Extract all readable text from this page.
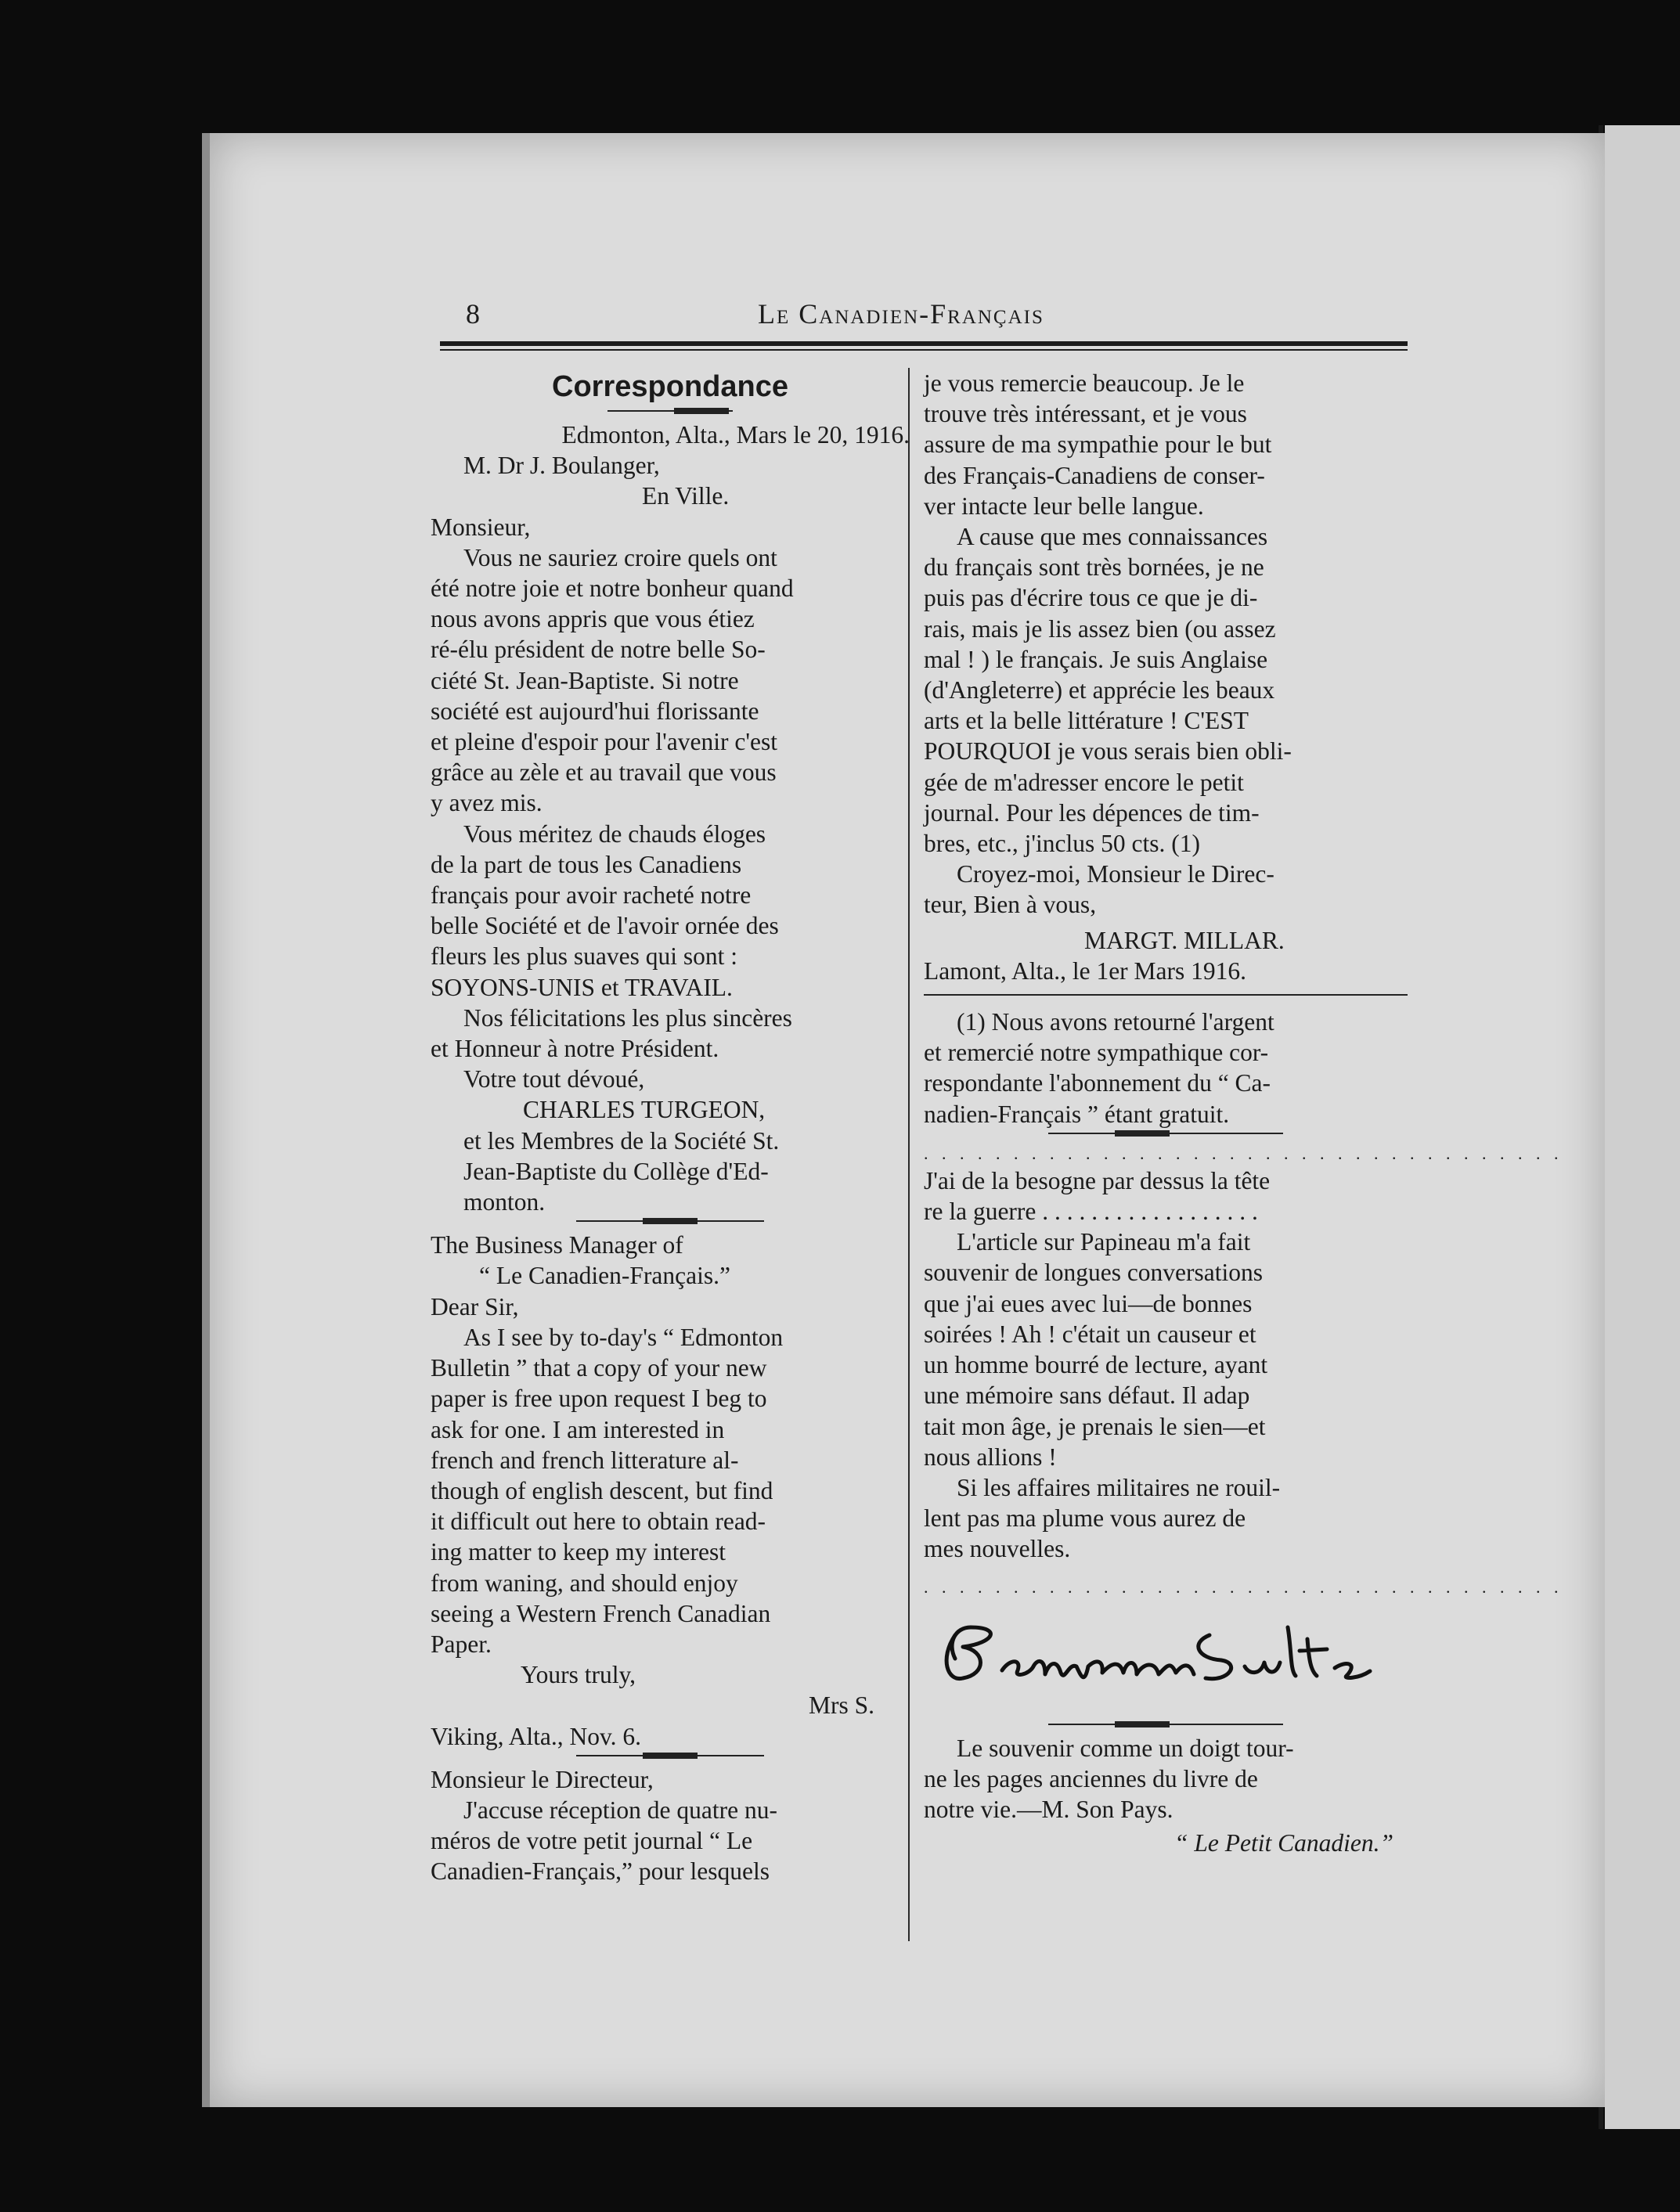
8	Le Canadien-Français
Correspondance
Edmonton, Alta., Mars le 20, 1916.
M. Dr J. Boulanger,
En Ville.
Monsieur,
Vous ne sauriez croire quels ont
été notre joie et notre bonheur quand
nous avons appris que vous étiez
ré-élu président de notre belle So-
ciété St. Jean-Baptiste. Si notre
société est aujourd'hui florissante
et pleine d'espoir pour l'avenir c'est
grâce au zèle et au travail que vous
y avez mis.
Vous méritez de chauds éloges
de la part de tous les Canadiens
français pour avoir racheté notre
belle Société et de l'avoir ornée des
fleurs les plus suaves qui sont :
SOYONS-UNIS et TRAVAIL.
Nos félicitations les plus sincères
et Honneur à notre Président.
Votre tout dévoué,
CHARLES TURGEON,
et les Membres de la Société St.
Jean-Baptiste du Collège d'Ed-
monton.
The Business Manager of
“ Le Canadien-Français.”
Dear Sir,
As I see by to-day's “ Edmonton
Bulletin ” that a copy of your new
paper is free upon request I beg to
ask for one. I am interested in
french and french litterature al-
though of english descent, but find
it difficult out here to obtain read-
ing matter to keep my interest
from waning, and should enjoy
seeing a Western French Canadian
Paper.
Yours truly,
Mrs S.
Viking, Alta., Nov. 6.
Monsieur le Directeur,
J'accuse réception de quatre nu-
méros de votre petit journal “ Le
Canadien-Français,” pour lesquels
je vous remercie beaucoup. Je le
trouve très intéressant, et je vous
assure de ma sympathie pour le but
des Français-Canadiens de conser-
ver intacte leur belle langue.
A cause que mes connaissances
du français sont très bornées, je ne
puis pas d'écrire tous ce que je di-
rais, mais je lis assez bien (ou assez
mal ! ) le français. Je suis Anglaise
(d'Angleterre) et apprécie les beaux
arts et la belle littérature ! C'EST
POURQUOI je vous serais bien obli-
gée de m'adresser encore le petit
journal. Pour les dépences de tim-
bres, etc., j'inclus 50 cts. (1)
Croyez-moi, Monsieur le Direc-
teur, Bien à vous,
MARGT. MILLAR.
Lamont, Alta., le 1er Mars 1916.
(1) Nous avons retourné l'argent
et remercié notre sympathique cor-
respondante l'abonnement du “ Ca-
nadien-Français ” étant gratuit.
. . . . . . . . . . . . . . . . . . . . . . . . . . . . . . . . . . . .
J'ai de la besogne par dessus la tête
re la guerre . . . . . . . . . . . . . . . . . .
L'article sur Papineau m'a fait
souvenir de longues conversations
que j'ai eues avec lui—de bonnes
soirées ! Ah ! c'était un causeur et
un homme bourré de lecture, ayant
une mémoire sans défaut. Il adap
tait mon âge, je prenais le sien—et
nous allions !
Si les affaires militaires ne rouil-
lent pas ma plume vous aurez de
mes nouvelles.
. . . . . . . . . . . . . . . . . . . . . . . . . . . . . . . . . . . .
Le souvenir comme un doigt tour-
ne les pages anciennes du livre de
notre vie.—M. Son Pays.
“ Le Petit Canadien.”
